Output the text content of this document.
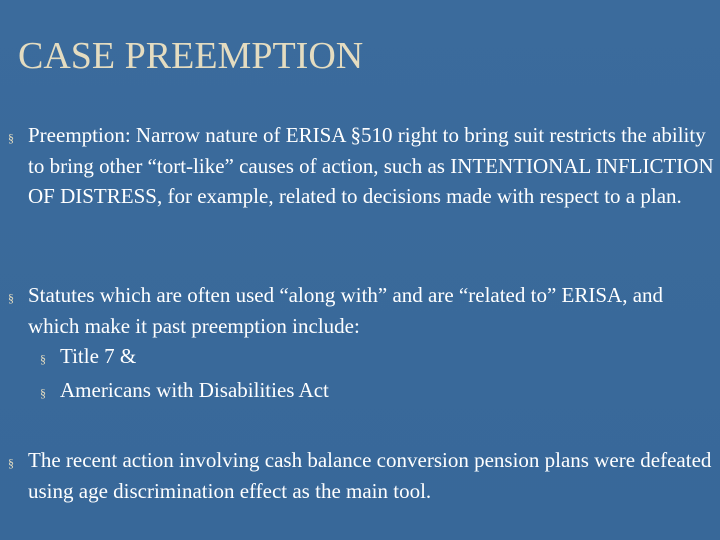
CASE PREEMPTION
§ Preemption: Narrow nature of ERISA §510 right to bring suit restricts the ability to bring other “tort-like” causes of action, such as INTENTIONAL INFLICTION OF DISTRESS, for example, related to decisions made with respect to a plan.
§ Statutes which are often used “along with” and are “related to” ERISA, and which make it past preemption include:
§ Title 7 &
§ Americans with Disabilities Act
§ The recent action involving cash balance conversion pension plans were defeated using age discrimination effect as the main tool.
